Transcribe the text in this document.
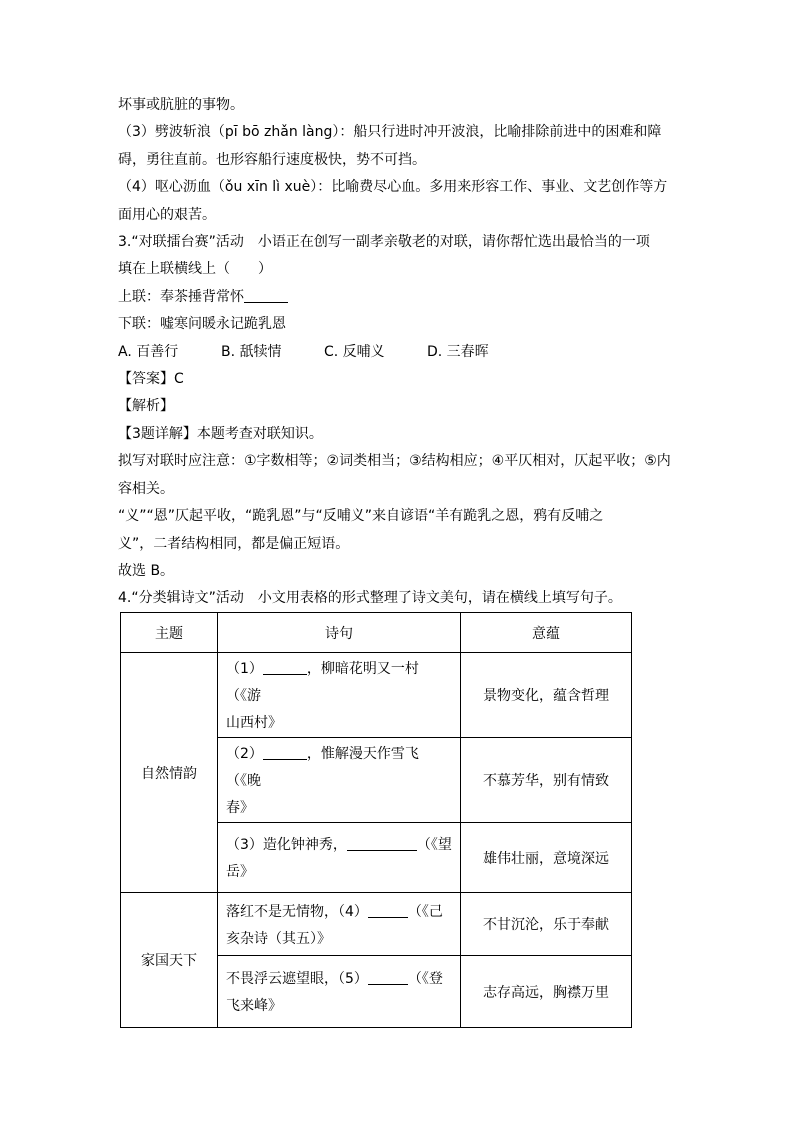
坏事或肮脏的事物。
（3）劈波斩浪（pī bō zhǎn làng）：船只行进时冲开波浪，比喻排除前进中的困难和障
碍，勇往直前。也形容船行速度极快，势不可挡。
（4）呕心沥血（ǒu xīn lì xuè）：比喻费尽心血。多用来形容工作、事业、文艺创作等方
面用心的艰苦。
3.“对联擂台赛”活动　小语正在创写一副孝亲敬老的对联，请你帮忙选出最恰当的一项
填在上联横线上（　　）
上联：奉茶捶背常怀
下联：嘘寒问暖永记跪乳恩
A. 百善行	B. 舐犊情	C. 反哺义	D. 三春晖
【答案】C
【解析】
【3题详解】本题考查对联知识。
拟写对联时应注意：①字数相等；②词类相当；③结构相应；④平仄相对，仄起平收；⑤内
容相关。
“义”“恩”仄起平收，“跪乳恩”与“反哺义”来自谚语“羊有跪乳之恩，鸦有反哺之
义”，二者结构相同，都是偏正短语。
故选 B。
4.“分类辑诗文”活动　小文用表格的形式整理了诗文美句，请在横线上填写句子。
主题	诗句	意蕴
自然情韵	（1） ，柳暗花明又一村（《游
山西村》	景物变化，蕴含哲理
	（2） ，惟解漫天作雪飞（《晚
春》	不慕芳华，别有情致
	（3）造化钟神秀， （《望
岳》	雄伟壮丽，意境深远
家国天下	落红不是无情物，（4） （《己
亥杂诗（其五）》	不甘沉沦，乐于奉献
	不畏浮云遮望眼，（5） （《登
飞来峰》	志存高远，胸襟万里
